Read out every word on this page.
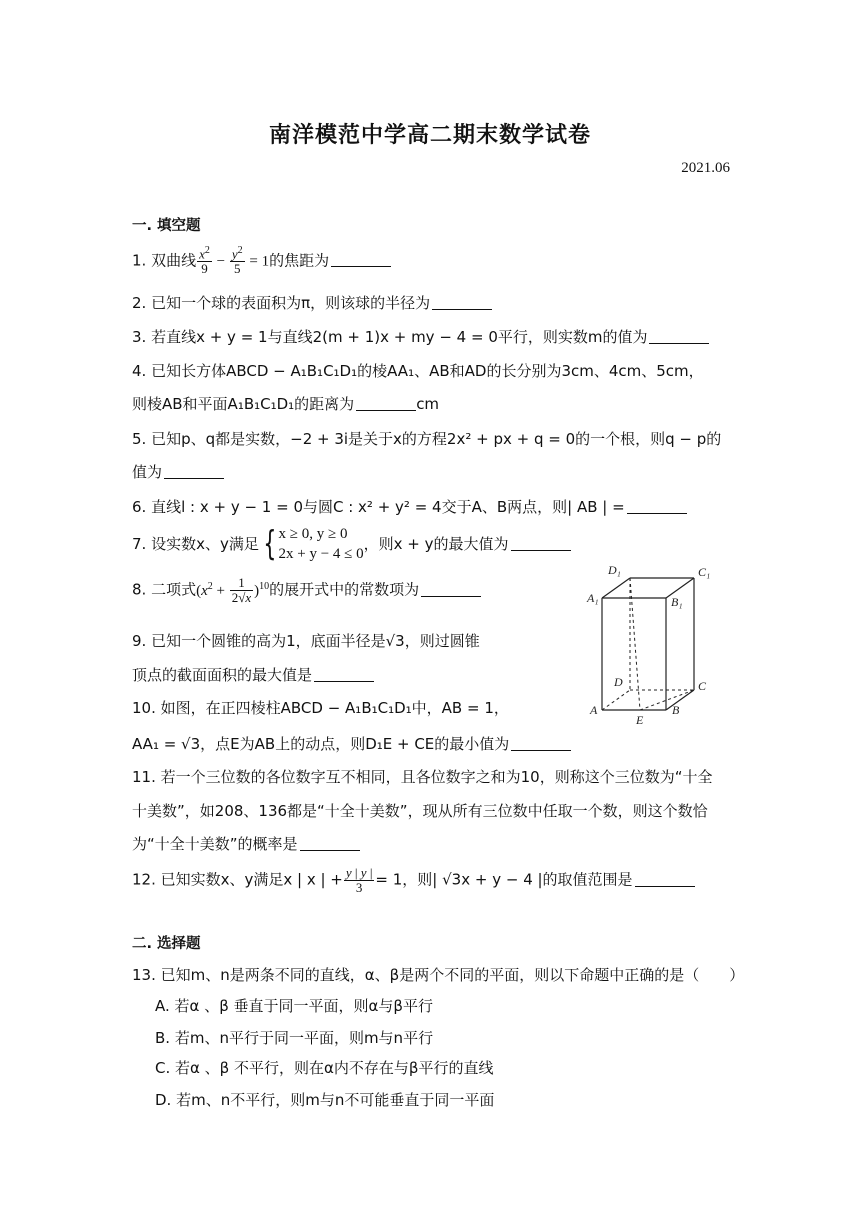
南洋模范中学高二期末数学试卷
2021.06
一. 填空题
1. 双曲线 $\frac{x^2}{9} - \frac{y^2}{5} = 1$的焦距为
2. 已知一个球的表面积为π，则该球的半径为
3. 若直线x + y = 1与直线2(m + 1)x + my − 4 = 0平行，则实数m的值为
4. 已知长方体ABCD − A₁B₁C₁D₁的棱AA₁、AB和AD的长分别为3cm、4cm、5cm，
则棱AB和平面A₁B₁C₁D₁的距离为	cm
5. 已知p、q都是实数，−2 + 3i是关于x的方程2x² + px + q = 0的一个根，则q − p的
值为
6. 直线l : x + y − 1 = 0与圆C : x² + y² = 4交于A、B两点，则| AB | =
7. 设实数x、y满足 { x ≥ 0, y ≥ 0
2x + y − 4 ≤ 0
，则x + y的最大值为
8. 二项式$(x^2 + \frac{1}{2√x} )^{10}$的展开式中的常数项为
9. 已知一个圆锥的高为1，底面半径是√3，则过圆锥
顶点的截面面积的最大值是
10. 如图，在正四棱柱ABCD − A₁B₁C₁D₁中，AB = 1，
AA₁ = √3，点E为AB上的动点，则D₁E + CE的最小值为
D₁	C₁
A₁	B₁
D	C
A	B
E
11. 若一个三位数的各位数字互不相同，且各位数字之和为10，则称这个三位数为“十全
十美数”，如208、136都是“十全十美数”，现从所有三位数中任取一个数，则这个数恰
为“十全十美数”的概率是
12. 已知实数x、y满足x | x | + $\frac{y | y |}{3} = 1$，则| √3x + y − 4 |的取值范围是
二. 选择题
13. 已知m、n是两条不同的直线，α、β是两个不同的平面，则以下命题中正确的是（　　）
A. 若α 、β 垂直于同一平面，则α与β平行
B. 若m、n平行于同一平面，则m与n平行
C. 若α 、β 不平行，则在α内不存在与β平行的直线
D. 若m、n不平行，则m与n不可能垂直于同一平面
